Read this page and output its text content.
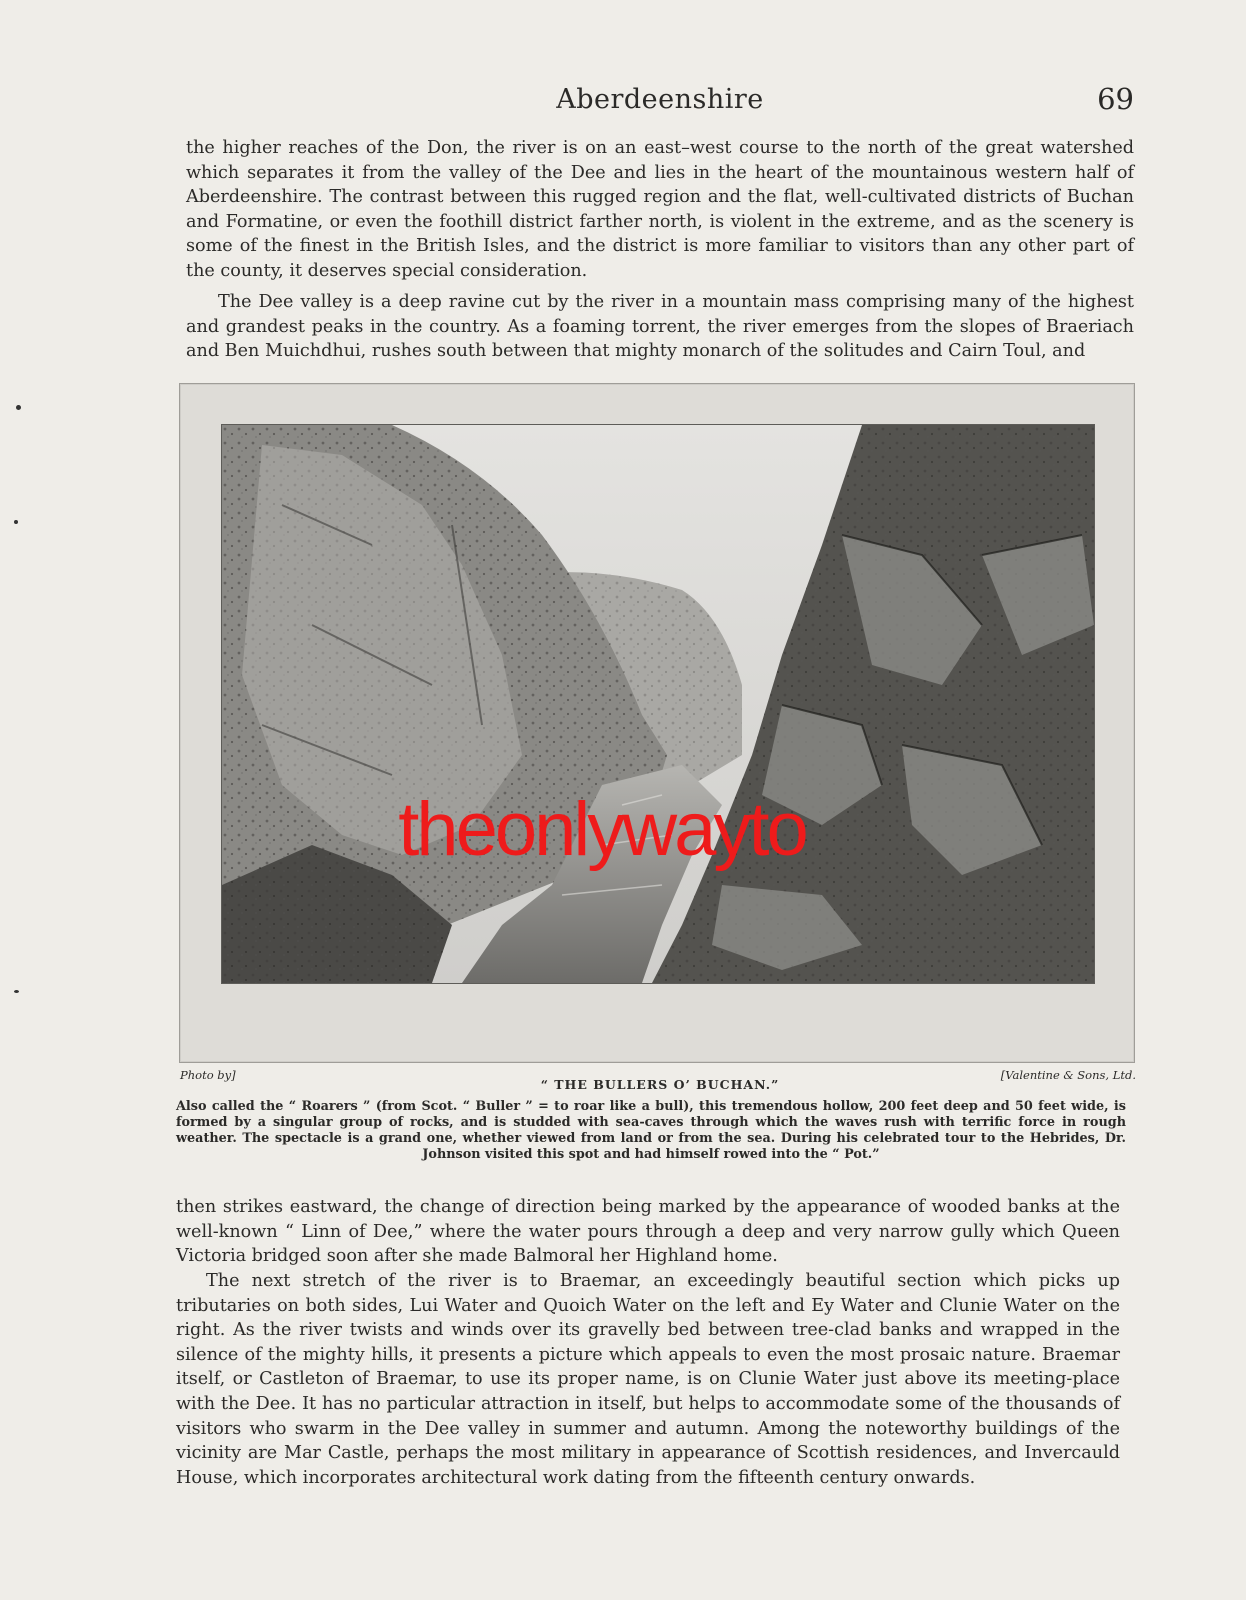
Aberdeenshire	69

the higher reaches of the Don, the river is on an east–west course to the north of the great watershed which separates it from the valley of the Dee and lies in the heart of the mountainous western half of Aberdeenshire. The contrast between this rugged region and the flat, well-cultivated districts of Buchan and Formatine, or even the foothill district farther north, is violent in the extreme, and as the scenery is some of the finest in the British Isles, and the district is more familiar to visitors than any other part of the county, it deserves special consideration.

The Dee valley is a deep ravine cut by the river in a mountain mass comprising many of the highest and grandest peaks in the country. As a foaming torrent, the river emerges from the slopes of Braeriach and Ben Muichdhui, rushes south between that mighty monarch of the solitudes and Cairn Toul, and

theonlywayto
Photo by]	[Valentine & Sons, Ltd.
“ THE BULLERS O’ BUCHAN.”

Also called the “ Roarers ” (from Scot. “ Buller ” = to roar like a bull), this tremendous hollow, 200 feet deep and 50 feet wide, is formed by a singular group of rocks, and is studded with sea-caves through which the waves rush with terrific force in rough weather. The spectacle is a grand one, whether viewed from land or from the sea. During his celebrated tour to the Hebrides, Dr. Johnson visited this spot and had himself rowed into the “ Pot.”

then strikes eastward, the change of direction being marked by the appearance of wooded banks at the well-known “ Linn of Dee,” where the water pours through a deep and very narrow gully which Queen Victoria bridged soon after she made Balmoral her Highland home.

The next stretch of the river is to Braemar, an exceedingly beautiful section which picks up tributaries on both sides, Lui Water and Quoich Water on the left and Ey Water and Clunie Water on the right. As the river twists and winds over its gravelly bed between tree-clad banks and wrapped in the silence of the mighty hills, it presents a picture which appeals to even the most prosaic nature. Braemar itself, or Castleton of Braemar, to use its proper name, is on Clunie Water just above its meeting-place with the Dee. It has no particular attraction in itself, but helps to accommodate some of the thousands of visitors who swarm in the Dee valley in summer and autumn. Among the noteworthy buildings of the vicinity are Mar Castle, perhaps the most military in appearance of Scottish residences, and Invercauld House, which incorporates architectural work dating from the fifteenth century onwards.
